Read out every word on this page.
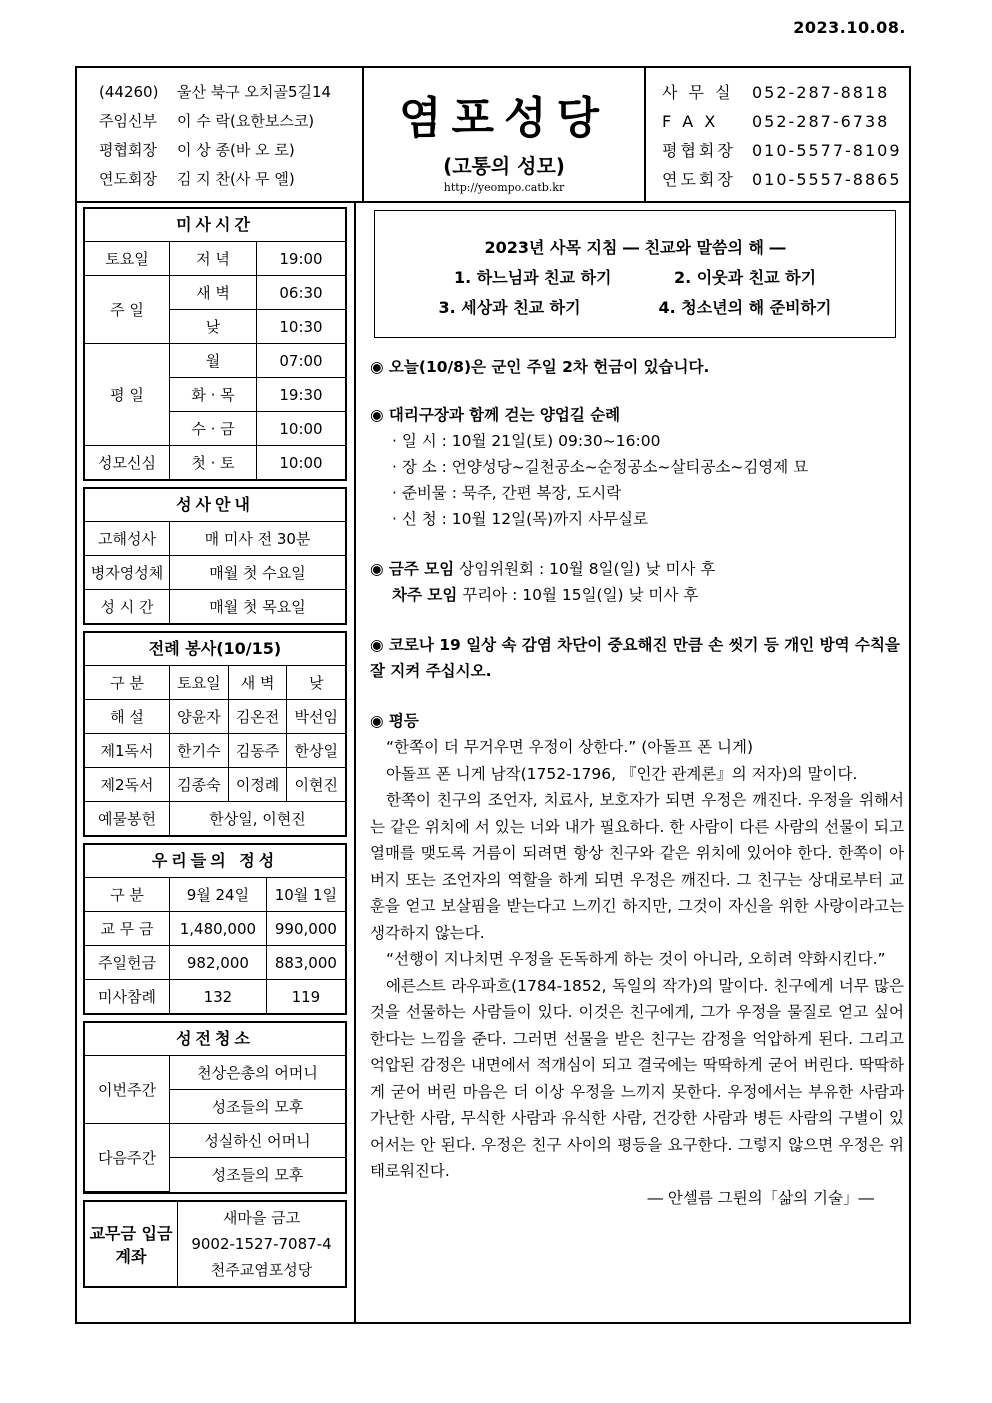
2023.10.08.
(44260) 울산 북구 오치골5길14
주임신부 이 수 락(요한보스코)
평협회장 이 상 종(바 오 로)
연도회장 김 지 찬(사 무 엘)
염포성당
(고통의 성모)
http://yeompo.catb.kr
사 무 실	052-287-8818
F A X	052-287-6738
평협회장	010-5577-8109
연도회장	010-5557-8865
미사시간
토요일	저 녁	19:00
주 일	새 벽	06:30
	낮	10:30
평 일	월	07:00
	화 · 목	19:30
	수 · 금	10:00
성모신심	첫 · 토	10:00
성사안내
고해성사	매 미사 전 30분
병자영성체	매월 첫 수요일
성 시 간	매월 첫 목요일
전례 봉사(10/15)
구 분	토요일	새 벽	낮
해 설	양윤자	김온전	박선임
제1독서	한기수	김동주	한상일
제2독서	김종숙	이정례	이현진
예물봉헌	한상일, 이현진		
우리들의 정성
구 분	9월 24일	10월 1일
교 무 금	1,480,000	990,000
주일헌금	982,000	883,000
미사참례	132	119
성전청소
이번주간	천상은총의 어머니
	성조들의 모후
다음주간	성실하신 어머니
	성조들의 모후
교무금 입금계좌	
새마을 금고
9002-1527-7087-4
천주교염포성당
2023년 사목 지침 ― 친교와 말씀의 해 ―
1. 하느님과 친교 하기	2. 이웃과 친교 하기
3. 세상과 친교 하기	4. 청소년의 해 준비하기
◉ 오늘(10/8)은 군인 주일 2차 헌금이 있습니다.
◉ 대리구장과 함께 걷는 양업길 순례
· 일 시 : 10월 21일(토) 09:30~16:00
· 장 소 : 언양성당~길천공소~순정공소~살티공소~김영제 묘
· 준비물 : 묵주, 간편 복장, 도시락
· 신 청 : 10월 12일(목)까지 사무실로
◉ 금주 모임 상임위원회 : 10월 8일(일) 낮 미사 후
차주 모임 꾸리아 : 10월 15일(일) 낮 미사 후
◉ 코로나 19 일상 속 감염 차단이 중요해진 만큼 손 씻기 등 개인 방역 수칙을 잘 지켜 주십시오.
◉ 평등

“한쪽이 더 무거우면 우정이 상한다.” (아돌프 폰 니게)

아돌프 폰 니게 남작(1752-1796, 『인간 관계론』의 저자)의 말이다.

한쪽이 친구의 조언자, 치료사, 보호자가 되면 우정은 깨진다. 우정을 위해서는 같은 위치에 서 있는 너와 내가 필요하다. 한 사람이 다른 사람의 선물이 되고 열매를 맺도록 거름이 되려면 항상 친구와 같은 위치에 있어야 한다. 한쪽이 아버지 또는 조언자의 역할을 하게 되면 우정은 깨진다. 그 친구는 상대로부터 교훈을 얻고 보살핌을 받는다고 느끼긴 하지만, 그것이 자신을 위한 사랑이라고는 생각하지 않는다.

“선행이 지나치면 우정을 돈독하게 하는 것이 아니라, 오히려 약화시킨다.”

에른스트 라우파흐(1784-1852, 독일의 작가)의 말이다. 친구에게 너무 많은 것을 선물하는 사람들이 있다. 이것은 친구에게, 그가 우정을 물질로 얻고 싶어한다는 느낌을 준다. 그러면 선물을 받은 친구는 감정을 억압하게 된다. 그리고 억압된 감정은 내면에서 적개심이 되고 결국에는 딱딱하게 굳어 버린다. 딱딱하게 굳어 버린 마음은 더 이상 우정을 느끼지 못한다. 우정에서는 부유한 사람과 가난한 사람, 무식한 사람과 유식한 사람, 건강한 사람과 병든 사람의 구별이 있어서는 안 된다. 우정은 친구 사이의 평등을 요구한다. 그렇지 않으면 우정은 위태로워진다.

― 안셀름 그륀의「삶의 기술」―
